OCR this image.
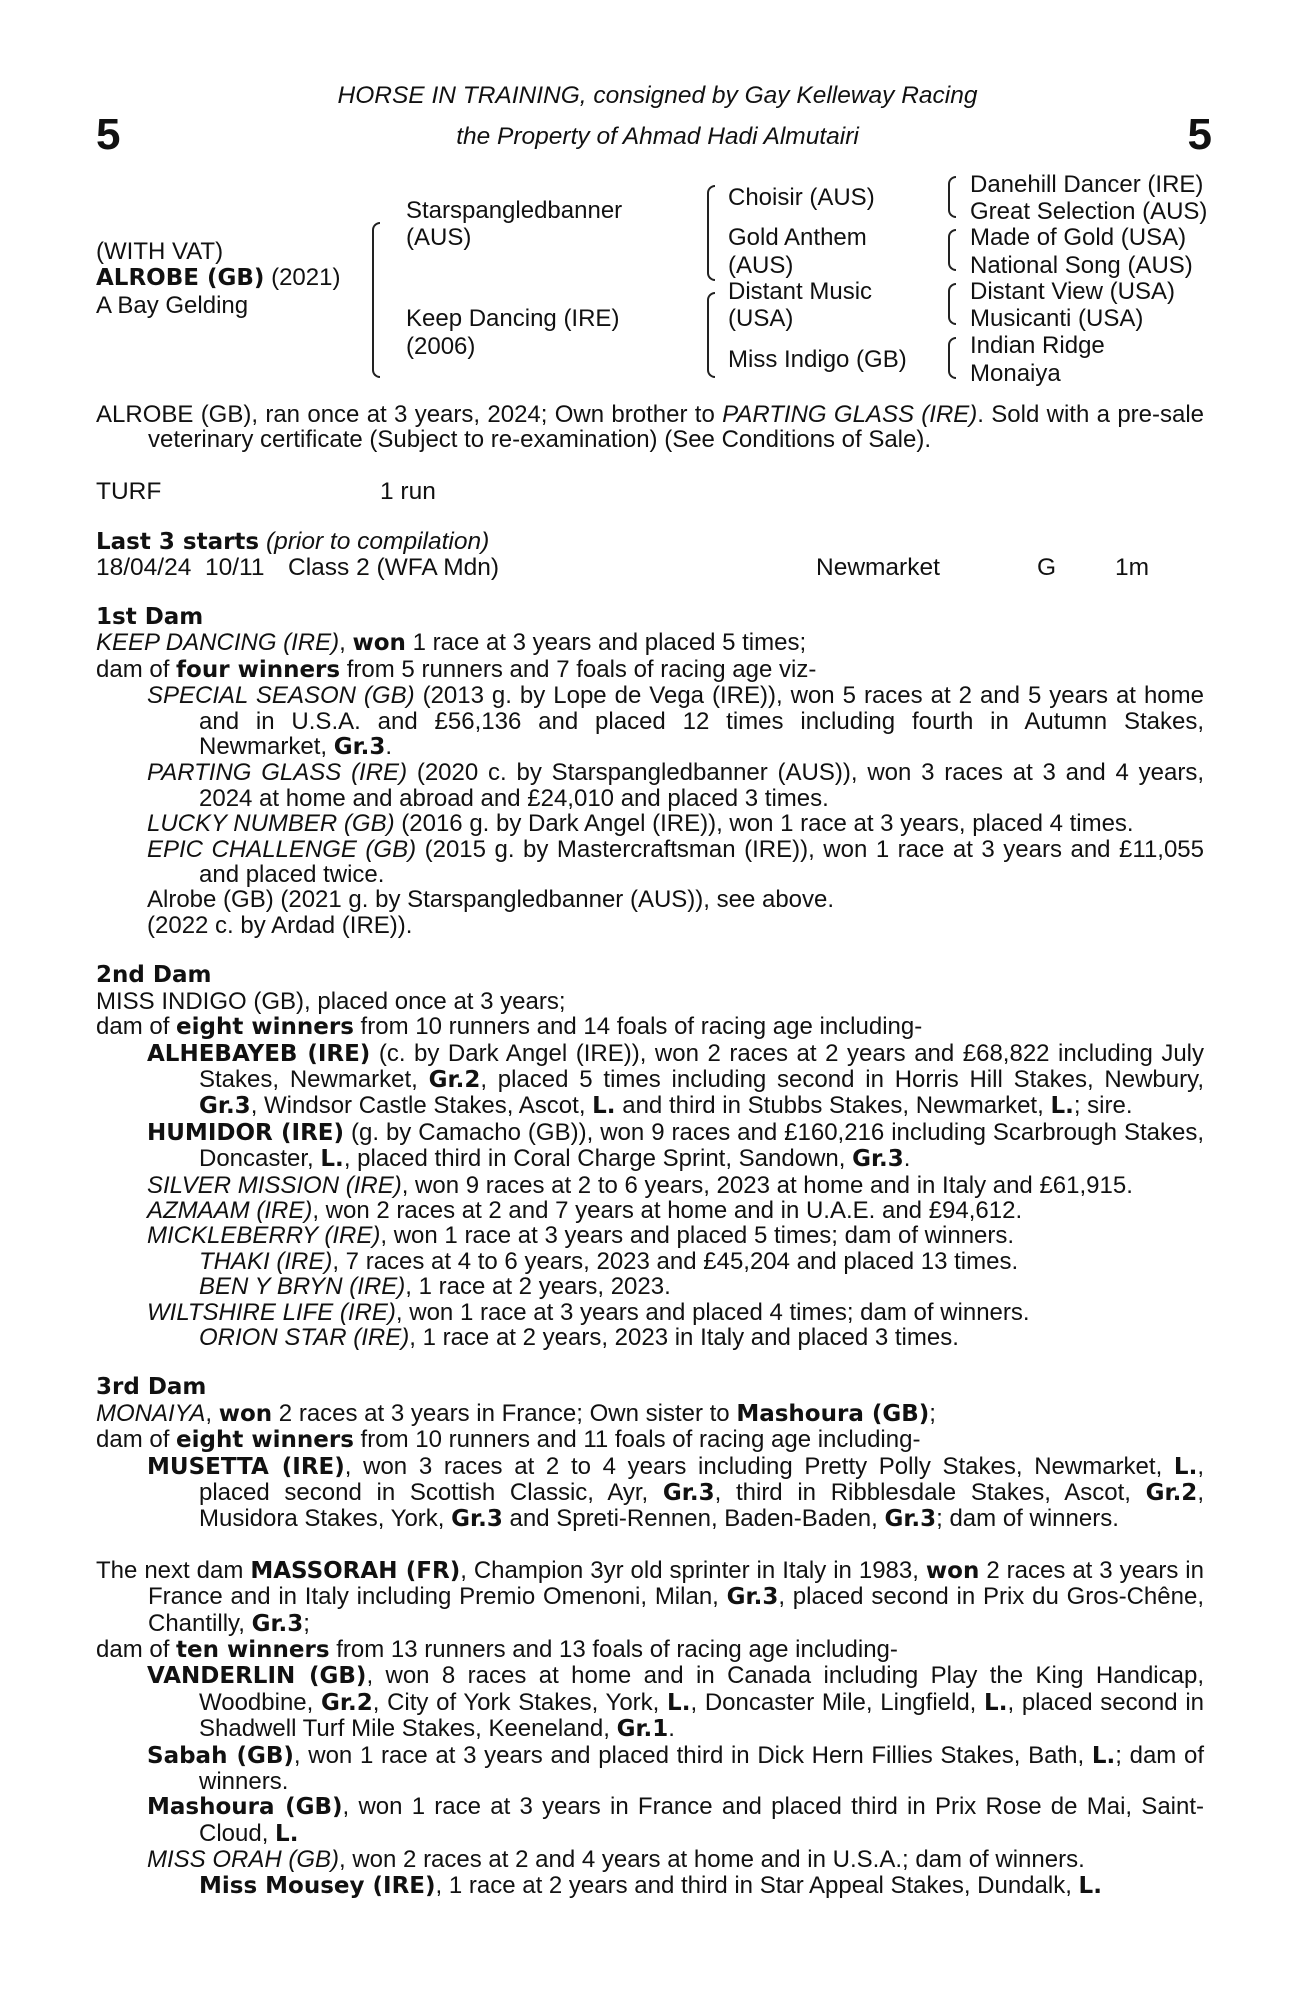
5	5
HORSE IN TRAINING, consigned by Gay Kelleway Racing
the Property of Ahmad Hadi Almutairi
(WITH VAT)
ALROBE (GB) (2021)
A Bay Gelding
Starspangledbanner
(AUS)
Keep Dancing (IRE)
(2006)
Choisir (AUS)
Gold Anthem
(AUS)
Distant Music
(USA)
Miss Indigo (GB)
Danehill Dancer (IRE)
Great Selection (AUS)
Made of Gold (USA)
National Song (AUS)
Distant View (USA)
Musicanti (USA)
Indian Ridge
Monaiya

ALROBE (GB), ran once at 3 years, 2024; Own brother to PARTING GLASS (IRE). Sold with a pre-sale veterinary certificate (Subject to re-examination) (See Conditions of Sale).

TURF	1 run
Last 3 starts (prior to compilation)
18/04/24 10/11 Class 2 (WFA Mdn)	Newmarket	G 1m
1st Dam

KEEP DANCING (IRE), won 1 race at 3 years and placed 5 times;

dam of four winners from 5 runners and 7 foals of racing age viz-

SPECIAL SEASON (GB) (2013 g. by Lope de Vega (IRE)), won 5 races at 2 and 5 years at home and in U.S.A. and £56,136 and placed 12 times including fourth in Autumn Stakes, Newmarket, Gr.3.

PARTING GLASS (IRE) (2020 c. by Starspangledbanner (AUS)), won 3 races at 3 and 4 years, 2024 at home and abroad and £24,010 and placed 3 times.

LUCKY NUMBER (GB) (2016 g. by Dark Angel (IRE)), won 1 race at 3 years, placed 4 times.

EPIC CHALLENGE (GB) (2015 g. by Mastercraftsman (IRE)), won 1 race at 3 years and £11,055 and placed twice.

Alrobe (GB) (2021 g. by Starspangledbanner (AUS)), see above.

(2022 c. by Ardad (IRE)).

2nd Dam

MISS INDIGO (GB), placed once at 3 years;

dam of eight winners from 10 runners and 14 foals of racing age including-

ALHEBAYEB (IRE) (c. by Dark Angel (IRE)), won 2 races at 2 years and £68,822 including July Stakes, Newmarket, Gr.2, placed 5 times including second in Horris Hill Stakes, Newbury, Gr.3, Windsor Castle Stakes, Ascot, L. and third in Stubbs Stakes, Newmarket, L.; sire.

HUMIDOR (IRE) (g. by Camacho (GB)), won 9 races and £160,216 including Scarbrough Stakes, Doncaster, L., placed third in Coral Charge Sprint, Sandown, Gr.3.

SILVER MISSION (IRE), won 9 races at 2 to 6 years, 2023 at home and in Italy and £61,915.

AZMAAM (IRE), won 2 races at 2 and 7 years at home and in U.A.E. and £94,612.

MICKLEBERRY (IRE), won 1 race at 3 years and placed 5 times; dam of winners.

THAKI (IRE), 7 races at 4 to 6 years, 2023 and £45,204 and placed 13 times.

BEN Y BRYN (IRE), 1 race at 2 years, 2023.

WILTSHIRE LIFE (IRE), won 1 race at 3 years and placed 4 times; dam of winners.

ORION STAR (IRE), 1 race at 2 years, 2023 in Italy and placed 3 times.

3rd Dam

MONAIYA, won 2 races at 3 years in France; Own sister to Mashoura (GB);

dam of eight winners from 10 runners and 11 foals of racing age including-

MUSETTA (IRE), won 3 races at 2 to 4 years including Pretty Polly Stakes, Newmarket, L., placed second in Scottish Classic, Ayr, Gr.3, third in Ribblesdale Stakes, Ascot, Gr.2, Musidora Stakes, York, Gr.3 and Spreti-Rennen, Baden-Baden, Gr.3; dam of winners.

The next dam MASSORAH (FR), Champion 3yr old sprinter in Italy in 1983, won 2 races at 3 years in France and in Italy including Premio Omenoni, Milan, Gr.3, placed second in Prix du Gros-Chêne, Chantilly, Gr.3;

dam of ten winners from 13 runners and 13 foals of racing age including-

VANDERLIN (GB), won 8 races at home and in Canada including Play the King Handicap, Woodbine, Gr.2, City of York Stakes, York, L., Doncaster Mile, Lingfield, L., placed second in Shadwell Turf Mile Stakes, Keeneland, Gr.1.

Sabah (GB), won 1 race at 3 years and placed third in Dick Hern Fillies Stakes, Bath, L.; dam of winners.

Mashoura (GB), won 1 race at 3 years in France and placed third in Prix Rose de Mai, Saint-Cloud, L.

MISS ORAH (GB), won 2 races at 2 and 4 years at home and in U.S.A.; dam of winners.

Miss Mousey (IRE), 1 race at 2 years and third in Star Appeal Stakes, Dundalk, L.
